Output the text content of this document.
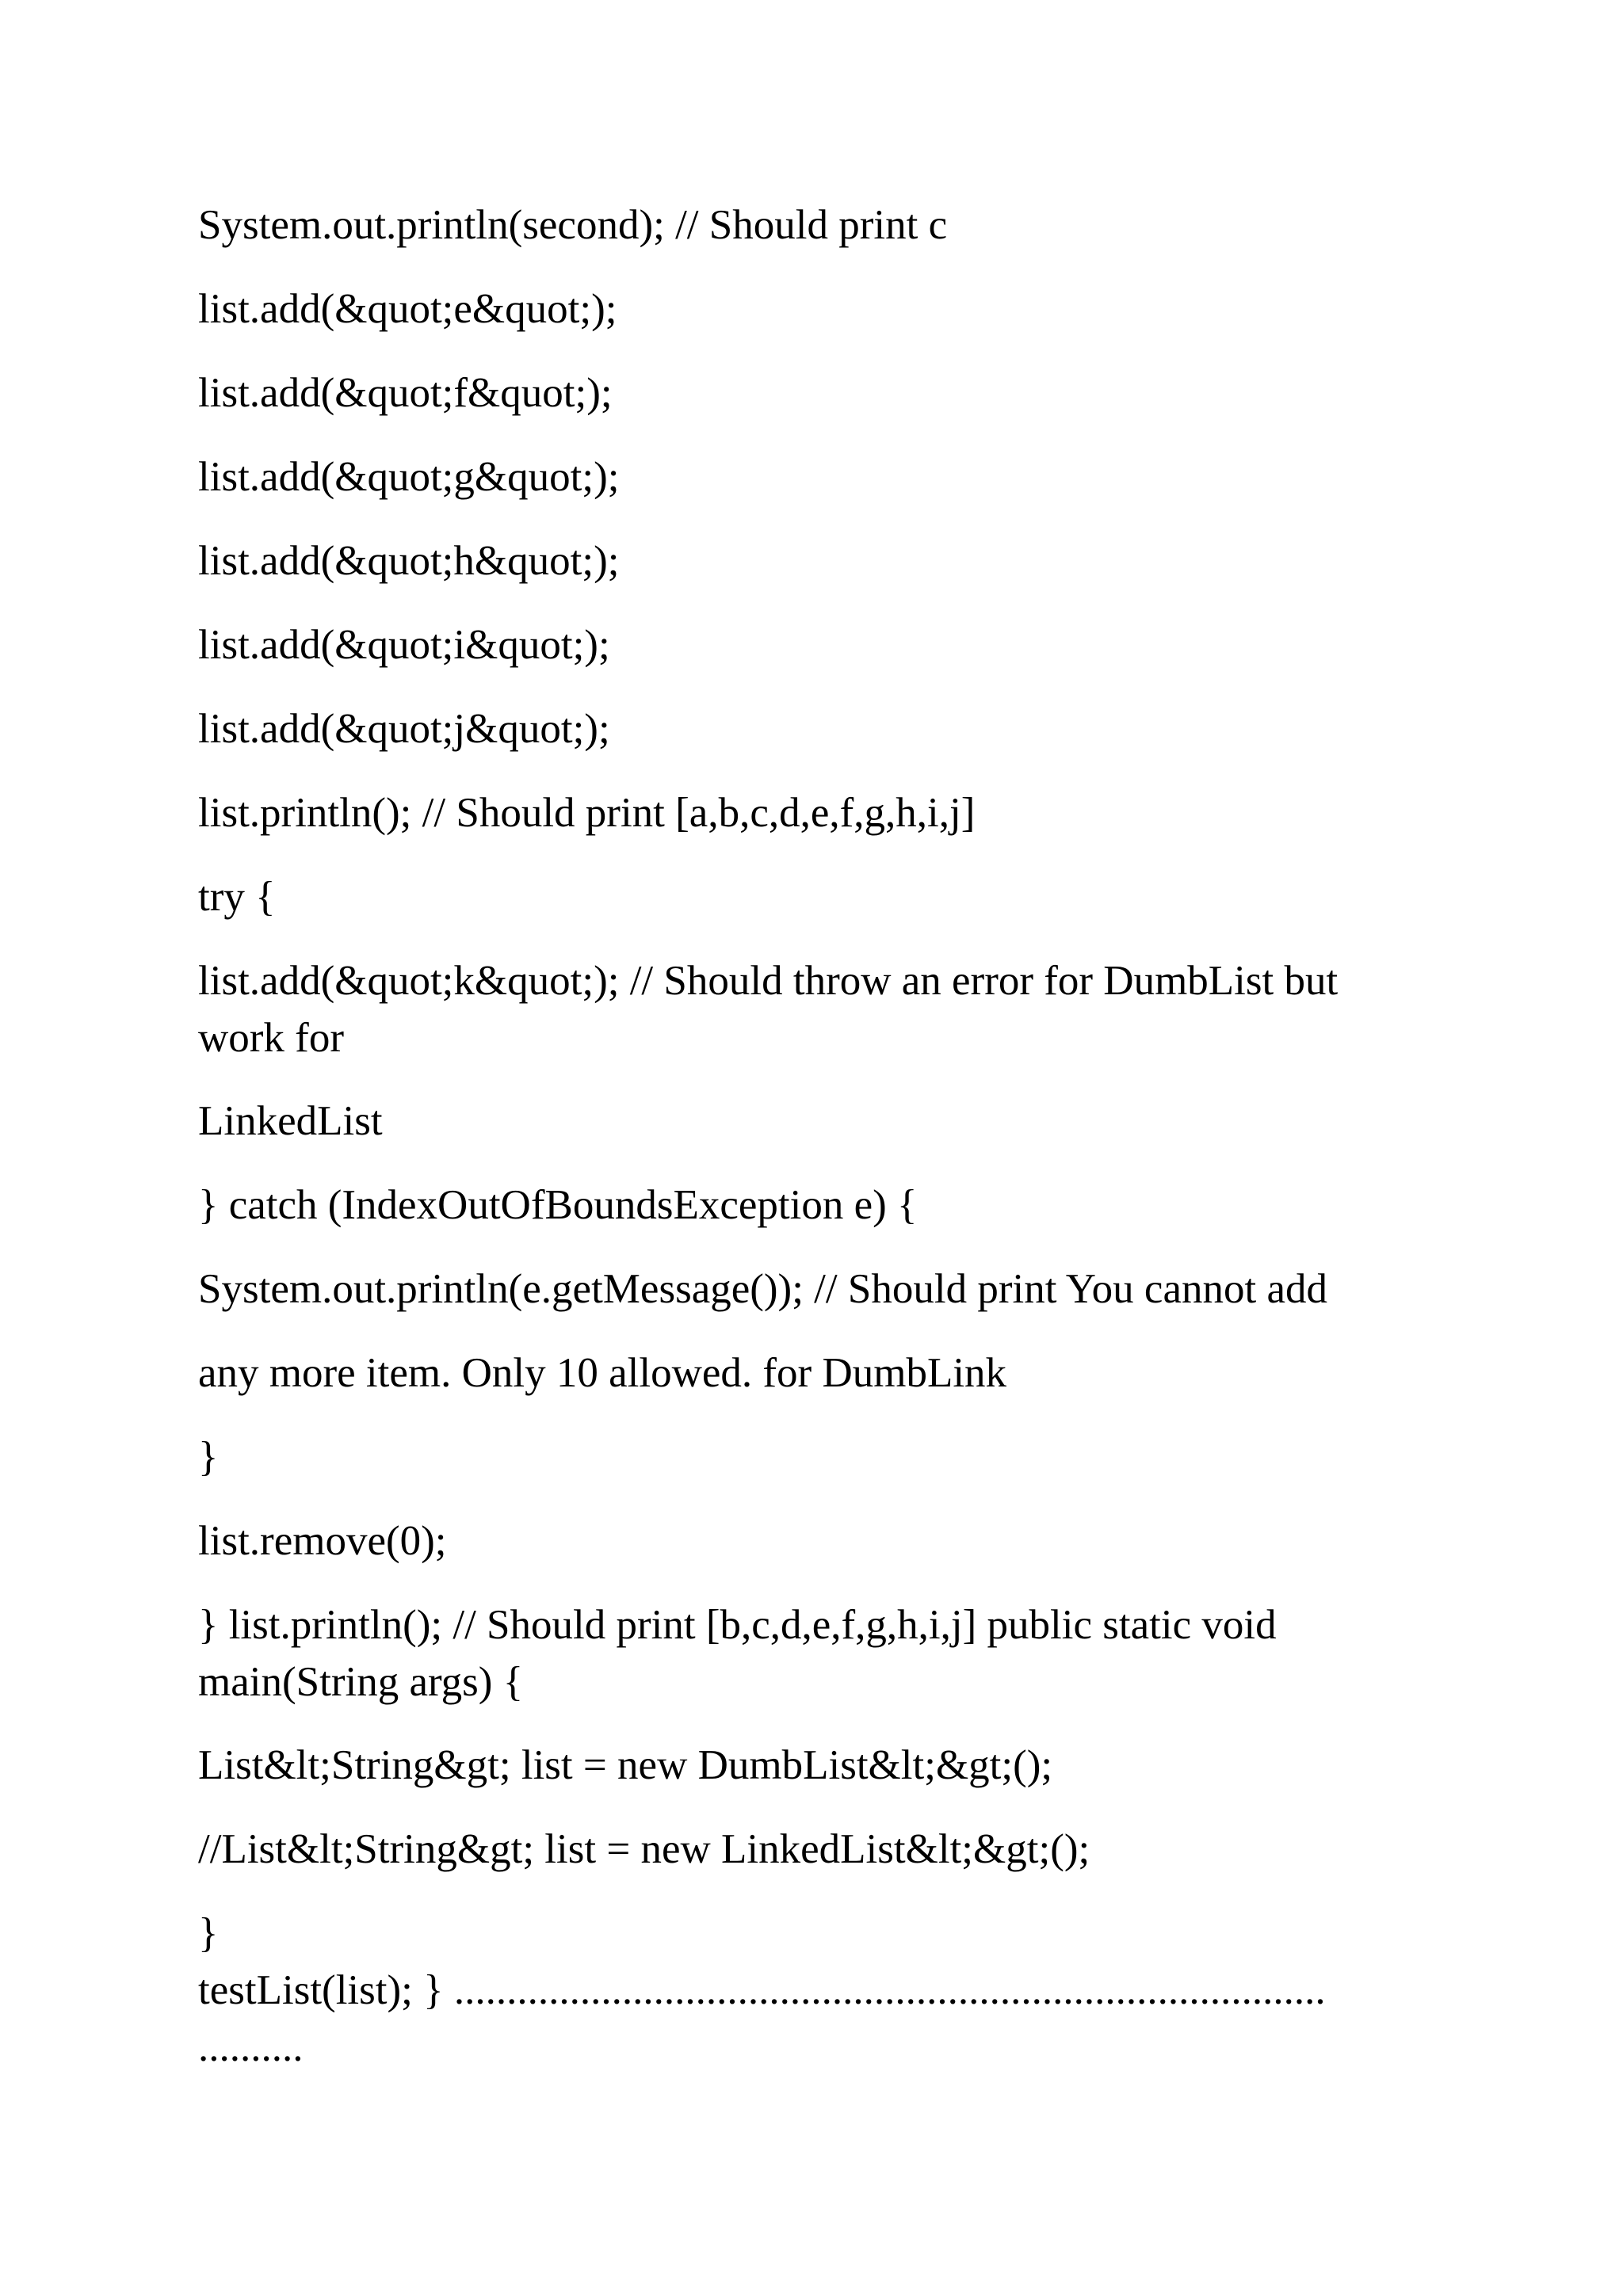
System.out.println(second); // Should print c
list.add(&quot;e&quot;);
list.add(&quot;f&quot;);
list.add(&quot;g&quot;);
list.add(&quot;h&quot;);
list.add(&quot;i&quot;);
list.add(&quot;j&quot;);
list.println(); // Should print [a,b,c,d,e,f,g,h,i,j]
try {
list.add(&quot;k&quot;); // Should throw an error for DumbList but work for
LinkedList
} catch (IndexOutOfBoundsException e) {
System.out.println(e.getMessage()); // Should print You cannot add
any more item. Only 10 allowed. for DumbLink
}
list.remove(0);
} list.println(); // Should print [b,c,d,e,f,g,h,i,j] public static void main(String args) {
List&lt;String&gt; list = new DumbList&lt;&gt;();
//List&lt;String&gt; list = new LinkedList&lt;&gt;();
}
testList(list); } ...................................................................................
..........
